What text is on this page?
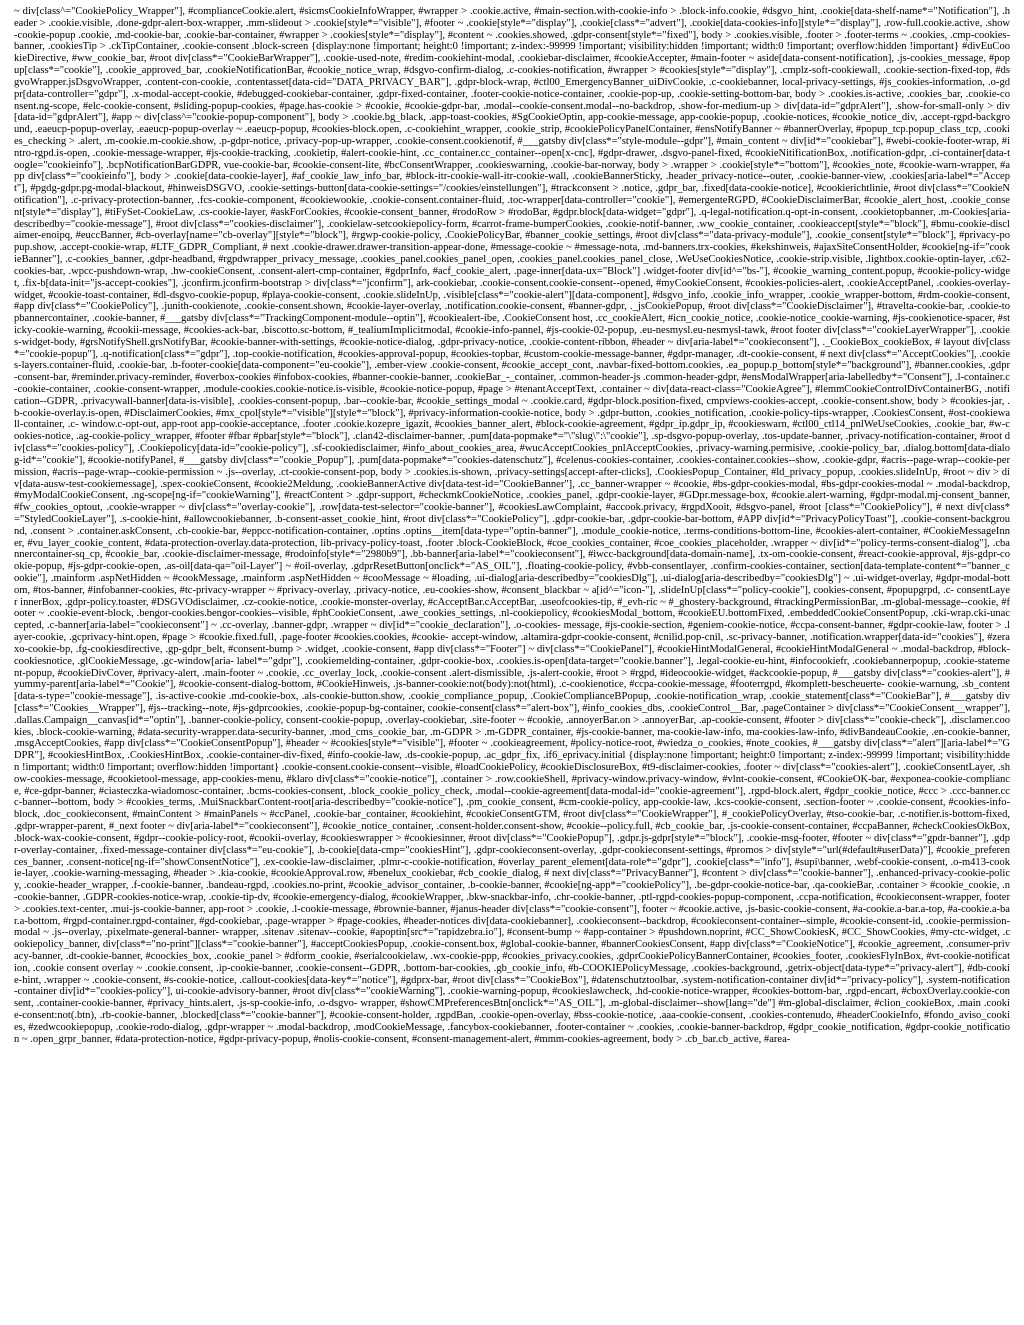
~ div[class^="CookiePolicy_Wrapper"], #complianceCookie.alert, #sicmsCookieInfoWrapper, #wrapper > .cookie.active, #main-section.with-cookie-info > .block-info.cookie, #dsgvo_hint, .cookie[data-shelf-name*="Notification"], .header > .cookie.visible, .done-gdpr-alert-box-wrapper, .mm-slideout > .cookie[style*="visible"], #footer ~ .cookie[style*="display"], .cookie[class*="advert"], .cookie[data-cookies-info][style*="display"], .row-full.cookie.active, .show-cookie-popup .cookie, .md-cookie-bar, .cookie-bar-container, #wrapper > .cookies[style*="display"], #content ~ .cookies.showed, .gdpr-consent[style*="fixed"], body > .cookies.visible, .footer > .footer-terms ~ .cookies, .cmp-cookies-banner, .cookiesTip > .ckTipContainer, .cookie-consent .block-screen {display:none !important; height:0 !important; z-index:-99999 !important; visibility:hidden !important; width:0 !important; overflow:hidden !important} #divEuCookieDirective, #ww_cookie_bar, #root div[class*="CookieBarWrapper"], .cookie-used-note, #redim-cookiehint-modal, .cookiebar-disclaimer, #cookieAccepter, #main-footer ~ aside[data-consent-notification], .js-cookies_message, #popup[class*="cookie"], .cookie_approved_bar, .cookieNotificationBar, #cookie_notice_wrap, #dsgvo-confirm-dialog, .c-cookies-notification, #wrapper > #cookies[style*="display"], .cmplz-soft-cookiewall, .cookie-section-fixed-top, #dsgvoWrapper.jsDsgvoWrapper, .content-con-cookie, .contentasset[data-cid="DATA_PRIVACY_BAR"], .gdpr-block-wrap, #ctl00_EmergencyBanner_uiDivCookie, .c-cookiebanner, local-privacy-settings, #js_cookies-information, .o-gdpr[data-controller="gdpr"], .x-modal-accept-cookie, #debugged-cookiebar-container, .gdpr-fixed-container, .footer-cookie-notice-container, .cookie-pop-up, .cookie-setting-bottom-bar, body > .cookies.is-active, .cookies_bar, .cookie-consent.ng-scope, #elc-cookie-consent, #sliding-popup-cookies, #page.has-cookie > #cookie, #cookie-gdpr-bar, .modal--cookie-consent.modal--no-backdrop, .show-for-medium-up > div[data-id="gdprAlert"], .show-for-small-only > div[data-id="gdprAlert"], #app ~ div[class^="cookie-popup-component"], body > .cookie.bg_black, .app-toast-cookies, #SgCookieOptin, app-cookie-message, app-cookie-popup, .cookie-notices, #cookie_notice_div, .accept-rgpd-background, .eaeucp-popup-overlay, .eaeucp-popup-overlay ~ .eaeucp-popup, #cookies-block.open, .c-cookiehint_wrapper, .cookie_strip, #cookiePolicyPanelContainer, #ensNotifyBanner ~ #bannerOverlay, #popup_tcp.popup_class_tcp, .cookies_checking > .alert, .m-cookie.m-cookie.show, .p-gdpr-notice, .privacy-pop-up-wrapper, .cookie-consent.cookienotif, #___gatsby div[class*="style-module--gdpr"], #main_content ~ div[id*="cookiebar"], #webi-cookie-footer-wrap, #intro-rgpd.is-open, .cookie-message-wrapper, #js-cookie-tracking, .cookietip, #alert-cookie-hint, .cc_container.cc_container--open[x-cnc], #gdpr-drawer, .dsgvo-panel-fixed, #cookieNitificationBox, .notification-gdpr, .ci-container[data-toogle="cookieinfo"], .bcpNotificationBarGDPR, vue-cookie-bar, #cookie-consent-lite, #bcConsentWrapper, .cookieswarning, .cookie-bar-norway, body > .wrapper > .cookie[style*="bottom"], #cookies_note, #cookie-warn-wrapper, #app div[class*="cookieinfo"], body > .cookie[data-cookie-layer], #af_cookie_law_info_bar, #block-itr-cookie-wall-itr-cookie-wall, .cookieBannerSticky, .header_privacy-notice--outer, .cookie-banner-view, .cookies[aria-label*="Accept"], #pgdg-gdpr.pg-modal-blackout, #hinweisDSGVO, .cookie-settings-button[data-cookie-settings="/cookies/einstellungen"], #trackconsent > .notice, .gdpr_bar, .fixed[data-cookie-notice], #cookierichtlinie, #root div[class*="CookieNotification"], .c-privacy-protection-banner, .fcs-cookie-component, #cookiewookie, .cookie-consent.container-fluid, .toc-wrapper[data-controller="cookie"], #emergenteRGPD, #CookieDisclaimerBar, #cookie_alert_host, .cookie_consent[style*="display"], #tiFySet-CookieLaw, .cs-cookie-layer, #askForCookies, #cookie-consent_banner, #rodoRow > #rodoBar, #gdpr.block[data-widget="gdpr"], .q-legal-notification.q-opt-in-consent, .cookietopbanner, .m-Cookies[aria-describedby="cookie-message"], #root div[class*="cookies-disclaimer"], .cookielaw-setcookiepolicy-form, #carrot-frame-bumperCookies, .cookie-notif-banner, .ww_cookie_container, .cookieaccept[style*="block"], #bmu-cookie-disclaimer-enoipq, #euccBanner, #cb-overlay[name="cb-overlay"][style*="block"], #rgwp-cookie-policy, .CookiePolicyBar, #banner_cookie_settings, #root div[class*="data-privacy-module"], .cookie_consent[style*="block"], #privacy-popup.show, .accept-cookie-wrap, #LTF_GDPR_Compliant, # next .cookie-drawer.drawer-transition-appear-done, #message-cookie ~ #message-nota, .md-banners.trx-cookies, #kekshinweis, #ajaxSiteConsentHolder, #cookie[ng-if="cookieBanner"], .c-cookies_banner, .gdpr-headband, #rgpdwrapper_privacy_message, .cookies_panel.cookies_panel_open, .cookies_panel.cookies_panel_close, .WeUseCookiesNotice, .cookie-strip.visible, .lightbox.cookie-optin-layer, .c62-cookies-bar, .wpcc-pushdown-wrap, .hw-cookieConsent, .consent-alert-cmp-container, #gdprInfo, #acf_cookie_alert, .page-inner[data-ux="Block"] .widget-footer div[id^="bs-"], #cookie_warning_content.popup, #cookie-policy-widget, .fix-b[data-init="js-accept-cookies"], .jconfirm.jconfirm-bootstrap > div[class*="jconfirm"], ark-cookiebar, .cookie-consent.cookie-consent--opened, #myCookieConsent, #cookies-policies-alert, .cookieAcceptPanel, .cookies-overlay-widget, #cookie-toast-container, #dl-dsgvo-cookie-popup, #playa-cookie-consent, .cookie.slideInUp, .visible[class*="cookie-alert"][data-component], #dsgvo_info, .cookie_info_wrapper, .cookie_wrapper-bottom, #rdm-cookie-consent, #app div[class*="CookiePolicy"], .junith-cookienote, .cookie-consent.shown, #cookie-layer-overlay, .notification.cookie-consent, #banner-gdpr, ._jsCookiePopup, #root div[class*="CookieDisclaimer"], #travelta-cookie-bar, .cookie-topbannercontainer, .cookie-banner, #___gatsby div[class*="TrackingComponent-module--optin"], #cookiealert-ibe, .CookieConsent host, .cc_cookieAlert, #icn_cookie_notice, .cookie-notice_cookie-warning, #js-cookienotice-spacer, #sticky-cookie-warning, #cookii-message, #cookies-ack-bar, .biscotto.sc-bottom, #_tealiumImplicitmodal, #cookie-info-pannel, #js-cookie-02-popup, .eu-nesmysl.eu-nesmysl-tawk, #root footer div[class*="cookieLayerWrapper"], .cookies-widget-body, #grsNotifyShell.grsNotifyBar, #cookie-banner-with-settings, #cookie-notice-dialog, .gdpr-privacy-notice, .cookie-content-ribbon, #header ~ div[aria-label*="cookieconsent"], ._CookieBox_cookieBox, # layout div[class*="cookie-popup"], .q-notification[class*="gdpr"], .top-cookie-notification, #cookies-approval-popup, #cookies-topbar, #custom-cookie-message-banner, #gdpr-manager, .dt-cookie-consent, # next div[class*="AcceptCookies"], .cookies-layers.container-fluid, .cookie-bar, .b-footer-cookie[data-component="eu-cookie"], .ember-view .cookie-consent, #cookie_accept_cont, .navbar-fixed-bottom.cookies, .ea_popup.p_bottom[style*="background"], #banner.cookies, .gdpr-consent-bar, #reminder.privacy-reminder, #overbox-cookies #infobox-cookies, #banner-cookie-banner, .cookieBar_-_container, .common-header-js .common-header-gdpr, #ensModalWrapper[aria-labelledby*="Consent"], .l-container.c-cookie-container, .cookie-consent-wrapper, .module-cookies.cookie-notice.is-visible, #cookie-notice-popup, #page > #tenantAcceptText, .container ~ div[data-react-class="CookieAgree"], #lemmCookieControlDivContainerBG, .notification--GDPR, .privacywall-banner[data-is-visible], .cookies-consent-popup, .bar--cookie-bar, #cookie_settings_modal ~ .cookie.card, #gdpr-block.position-fixed, cmpviews-cookies-accept, .cookie-consent.show, body > #cookies-jar, .b-cookie-overlay.is-open, #DisclaimerCookies, #mx_cpol[style*="visible"][style*="block"], #privacy-information-cookie-notice, body > .gdpr-button, .cookies_notification, .cookie-policy-tips-wrapper, .CookiesConsent, #ost-cookiewall-container, .c- window.c-opt-out, app-root app-cookie-acceptance, .footer .cookie.kozepre_igazit, #cookies_banner_alert, #block-cookie-agreement, #gdpr_ip.gdpr_ip, #cookieswarn, #ctl00_ctl14_pnlWeUseCookies, .cookie_bar, #w-cookies-notice, .ag-cookie-policy_wrapper, #footer #fbar #pbar[style*="block"], .clan42-disclaimer-banner, .pum[data-popmake*="\"slug\":\"cookie"], .sp-dsgvo-popup-overlay, .tos-update-banner, .privacy-notification-container, #root div[class*="cookies-policy"], .Cookiepolicy[data-id="cookie-policy"], .sf-cookiedisclaimer, #info_about_cookies_area, #wucAcceptCookies_pnlAcceptCookies, .privacy-warning.permisive, .cookie-policy_bar, .dialog.bottom[data-dialog-id*="cookie"], #cookie-notifyPanel, #___gatsby div[class*="cookie_Popup"], .pum[data-popmake*="cookies-datenschutz"], #celenus-cookies-container, .cookies-container.cookies--show, .cookie-gdpr, #acris--page-wrap--cookie-permission, #acris--page-wrap--cookie-permission ~ .js--overlay, .ct-cookie-consent-pop, body > .cookies.is-shown, .privacy-settings[accept-after-clicks], .CookiesPopup_Container, #ld_privacy_popup, .cookies.slideInUp, #root ~ div > div[data-ausw-test-cookiemessage], .spex-cookieConsent, #cookie2Meldung, .cookieBannerActive div[data-test-id="CookieBanner"], .cc_banner-wrapper ~ #cookie, #bs-gdpr-cookies-modal, #bs-gdpr-cookies-modal ~ .modal-backdrop, #myModalCookieConsent, .ng-scope[ng-if="cookieWarning"], #reactContent > .gdpr-support, #checkmkCookieNotice, .cookies_panel, .gdpr-cookie-layer, #GDpr.message-box, #cookie.alert-warning, #gdpr-modal.mj-consent_banner, #fw_cookies_optout, .cookie-wrapper ~ div[class*="overlay-cookie"], .row[data-test-selector="cookie-banner"], #cookiesLawComplaint, #accook.privacy, #rgpdXooit, #dsgvo-panel, #root [class*="CookiePolicy"], # next div[class*="StyledCookieLayer"], .s-cookie-hint, #allowcookiebanner, .b-consent-asset_cookie_hint, #root div[class*="CookiePolicy"], .gdpr-cookie-bar, .gdpr-cookie-bar-bottom, #APP div[id*="PrivacyPolicyToast"], .cookie-consent-background, .consent > .container.askConsent, .cb-cookie-bar, #eppcc-notification-container, .optins .optins__item[data-type="optin-banner"], .module_cookie-notice, .terms-conditions-bottom-line, #cookies-alert-container, #CookieMessageInner, #vu_layer_cookie_content, #data-protection-overlay.data-protection, lib-privacy-policy-toast, .footer .block-CookieBlock, #coe_cookies_container, #coe_cookies_placeholder, .wrapper ~ div[id*="policy-terms-consent-dialog"], .cbannercontainer-sq_cp, #cookie_bar, .cookie-disclaimer-message, #rodoinfo[style*="2980b9"], .bb-banner[aria-label*="cookieconsent"], #iwcc-background[data-domain-name], .tx-om-cookie-consent, #react-cookie-approval, #js-gdpr-cookie-popup, #js-gdpr-cookie-open, .as-oil[data-qa="oil-Layer"] ~ #oil-overlay, .gdprResetButton[onclick*="AS_OIL"], .floating-cookie-policy, #vbb-consentlayer, .confirm-cookies-container, section[data-template-content*="banner_cookie"], .mainform .aspNetHidden ~ #cookMessage, .mainform .aspNetHidden ~ #cooMessage ~ #loading, .ui-dialog[aria-describedby="cookiesDlg"], .ui-dialog[aria-describedby="cookiesDlg"] ~ .ui-widget-overlay, #gdpr-modal-bottom, #tos-banner, #infobanner-cookies, #tc-privacy-wrapper ~ #privacy-overlay, .privacy-notice, .eu-cookies-show, #consent_blackbar ~ a[id^="icon-"], .slideInUp[class*="policy-cookie"], cookies-consent, #popupgrpd, .c- consentLayer innerBox, .gdpr-policy.toaster, #DSGVOdisclaimer, .cz-cookie-notice, .cookie-monster-overlay, #cAcceptBar.cAcceptBar, .useofcookies-tip, #_evh-ric ~ #_ghostery-background, #trackingPermissionBar, .m-global-message--cookie, #footer ~ .cookie-event-block, .bengor-cookies.bengor-cookies--visible, #phCookieConsent, .awe_cookies_settings, .nl-cookiepolicy, #cookiesModal_bottom, #cookieEU.bottomFixed, .embeddedCookieConsentPopup, .cki-wrap.cki-unaccepted, .c-banner[aria-label="cookieconsent"] ~ .cc-overlay, .banner-gdpr, .wrapper ~ div[id*="cookie_declaration"], .o-cookies- message, #js-cookie-section, #geniem-cookie-notice, #ccpa-consent-banner, #gdpr-cookie-law, footer > .layer-cookie, .gcprivacy-hint.open, #page > #cookie.fixed.full, .page-footer #cookies.cookies, #cookie- accept-window, .altamira-gdpr-cookie-consent, #cnilid.pop-cnil, .sc-privacy-banner, .notification.wrapper[data-id="cookies"], #zeraxo-cookie-bp, .fg-cookiesdirective, .gp-gdpr_belt, #consent-bump > .widget, .cookie-consent, #app div[class*="Footer"] ~ div[class*="CookiePanel"], #cookieHintModalGeneral, #cookieHintModalGeneral ~ .modal-backdrop, #block-cookiesnotice, .glCookieMessage, .gc-window[aria- label*="gdpr"], .cookiemelding-container, .gdpr-cookie-box, .cookies.is-open[data-target="cookie.banner"], .legal-cookie-eu-hint, #infocookiefr, .cookiebannerpopup, .cookie-statement-popup, #cookieDivCover, #privacy-alert, .main-footer ~ .cookie, .cc_overlay_lock, .cookie-consent .alert-dismissible, .js-alert-cookie, #root > #rgpd, #ideocookie-widget, #ackcookie-popup, #___gatsby div[class*="cookies-alert"], #yummy-parent[aria-label*="Cookie"], #cookie-consent-dialog-bottom, #CookieHinweis, .js-banner-cookie:not(body):not(html), .c-cookienotice, #ccpa-cookie-message, #footerrgpd, #komplett-bescheuerte- cookie-warnung, .sb_content[data-s-type="cookie-message"], .is-active-cookie .md-cookie-box, .als-cookie-button.show, .cookie_compliance_popup, .CookieComplianceBPopup, .cookie-notification_wrap, .cookie_statement[class*="CookieBar"], #___gatsby div[class*="Cookies__Wrapper"], #js--tracking--note, #js-gdprcookies, .cookie-popup-bg-container, cookie-consent[class*="alert-box"], #info_cookies_dbs, .cookieControl__Bar, .pageContainer > div[class*="CookieConsent__wrapper"], .dallas.Campaign__canvas[id*="optin"], .banner-cookie-policy, consent-cookie-popup, .overlay-cookiebar, .site-footer ~ #cookie, .annoyerBar.on > .annoyerBar, .ap-cookie-consent, #footer > div[class*="cookie-check"], .disclamer.cookies, .block-cookie-warning, #data-security-wrapper.data-security-banner, .mod_cms_cookie_bar, .m-GDPR > .m-GDPR_container, #js-cookie-banner, ma-cookie-law-info, ma-cookies-law-info, #divBandeauCookie, .en-cookie-banner, .msgAcceptCookies, #app div[class*="CookieConsentPopup"], #header ~ #cookies[style*="visible"], #footer ~ .cookieagreement, #policy-notice-root, #wiedza_o_cookies, #note_cookies, #___gatsby div[class*="alert"][aria-label*="GDPR"], #cookiesHintBox, .CookiesHintBox, .cookie-container-div-fixed, #info-cookie-law, .ds-cookie-popup, .ac_gdpr_fix, .if6_eprivacy.initial {display:none !important; height:0 !important; z-index:-99999 !important; visibility:hidden !important; width:0 !important; overflow:hidden !important} .cookie-consent.cookie-consent--visible, #loadCookiePolicy, #cookieDisclosureBox, #t9-disclaimer-cookies, .footer ~ div[class*="cookies-alert"], .cookieConsentLayer, .show-cookies-message, #cookietool-message, app-cookies-menu, #klaro div[class*="cookie-notice"], .container > .row.cookieShell, #privacy-window.privacy-window, #vlnt-cookie-consent, #CookieOK-bar, #exponea-cookie-compliance, #ce-gdpr-banner, #ciasteczka-wiadomosc-container, .bcms-cookies-consent, .block_cookie_policy_check, .modal--cookie-agreement[data-modal-id="cookie-agreement"], .rgpd-block.alert, #gdpr_cookie_notice, #ccc > .ccc-banner.ccc-banner--bottom, body > #cookies_terms, .MuiSnackbarContent-root[aria-describedby="cookie-notice"], .pm_cookie_consent, #cm-cookie-policy, app-cookie-law, .kcs-cookie-consent, .section-footer ~ .cookie-consent, #cookies-info-block, .doc_cookieconsent, #mainContent > #mainPanels ~ #ccPanel, .cookie-bar_container, #cookiehint, #cookieConsentGTM, #root div[class*="CookieWrapper"], #_cookiePolicyOverlay, #tso-cookie-bar, .c-notifier.is-bottom-fixed, .gdpr-wrapper-parent, #_next footer ~ div[aria-label*="cookieconsent"], #cookie_notice_container, .consent-holder.consent-show, #cookie--policy.full, #cb_cookie_bar, .js-cookie-consent-container, #ccpaBanner, #checkCookiesOkBox, .block-wax-cookie-consent, #gdpr--cookie-policy-root, #cookii-overlay, #cookieswrapper > #cookiesinner, #root div[class*="CookiePopup"], .gdpr.js-gdpr[style*="block"], .cookie-msg-footer, #footer ~ div[class*="gpdr-banner"], .gdpr-overlay-container, .fixed-message-container div[class*="eu-cookie"], .b-cookie[data-cmp="cookiesHint"], .gdpr-cookieconsent-overlay, .gdpr-cookieconsent-settings, #promos > div[style*="url(#default#userData)"], #cookie_preferences_banner, .consent-notice[ng-if="showConsentNotice"], .ex-cookie-law-disclaimer, .plmr-c-cookie-notification, #overlay_parent_element[data-role*="gdpr"], .cookie[class*="info"], #supi\banner, .webf-cookie-consent, .o-m413-cookie-layer, .cookie-warning-messaging, #header > .kia-cookie, #cookieApproval.row, #benelux_cookiebar, #cb_cookie_dialog, # next div[class*="PrivacyBanner"], #content > div[class*="cookie-banner"], .enhanced-privacy-cookie-policy, .cookie-header_wrapper, .f-cookie-banner, .bandeau-rgpd, .cookies.no-print, #cookie_advisor_container, .b-cookie-banner, #cookie[ng-app*="cookiePolicy"], .be-gdpr-cookie-notice-bar, .qa-cookieBar, .container > #cookie_cookie, .n-cookie-banner, .GDPR-cookies-notice-wrap, .cookie-tip-dv, #cookie-emergency-dialog, #cookieWrapper, .bkw-snackbar-info, .chr-cookie-banner, .ptl-rgpd-cookies-popup-component, .ccpa-notification, #cookieconsent-wrapper, footer > .cookies.text-center, .mui-js-cookie-banner, app-root > .cookie, .l-cookie-message, #brownie-banner, #janus-header div[class*="cookie-consent"], footer ~ #cookie.active, .js-basic-cookie-consent, #a-cookie.a-bar.a-top, #a-cookie.a-bar.a-bottom, #rgpd-container.rgpd-container, #gd-cookiebar, .page-wrapper > #page-cookies, #header-notices div[data-cookiebanner], .cookieconsent--backdrop, #cookieconsent-container--simple, #cookie-consent-id, .cookie-permission-modal ~ .js--overlay, .pixelmate-general-banner- wrapper, .sitenav .sitenav--cookie, #apoptin[src*="rapidzebra.io"], #consent-bump ~ #app-container > #pushdown.noprint, #CC_ShowCookiesK, #CC_ShowCookies, #my-ctc-widget, .cookiepolicy_banner, div[class*="no-print"][class*="cookie-banner"], #acceptCookiesPopup, .cookie-consent.box, #global-cookie-banner, #bannerCookiesConsent, #app div[class*="CookieNotice"], #cookie_agreement, .consumer-privacy-banner, .dt-cookie-banner, #coockies_box, .cookie_panel > #dform_cookie, #serialcookielaw, .wx-cookie-ppp, #cookies_privacy.cookies, .gdprCookiePolicyBannerContainer, #cookies_footer, .cookiesFlyInBox, #vt-cookie-notification, .cookie consent overlay ~ .cookie.consent, .ip-cookie-banner, .cookie-consent--GDPR, .bottom-bar-cookies, .gb_cookie_info, #b-COOKIEPolicyMessage, .cookies-background, .getrix-object[data-type*="privacy-alert"], #db-cookie-hint, .wrapper ~ .cookie-consent, #s-cookie-notice, .callout-cookies[data-key*="notice"], #gdprx-bar, #root div[class*="CookieBox"], #datenschutztoolbar, .system-notification-container div[id*="privacy-policy"], .system-notification-container div[id*="cookies-policy"], ui-cookie-advisory-banner, #root div[class*="cookieWarning"], .cookie-warning-popup, #cookieslawcheck, .hd-cookie-notice-wrapper, #cookies-bottom-bar, .rgpd-encart, #cboxOverlay.cookie-consent, .container-cookie-banner, #privacy_hints.alert, .js-sp-cookie-info, .o-dsgvo- wrapper, #showCMPreferencesBtn[onclick*="AS_OIL"], .m-global-disclaimer--show[lang="de"] #m-global-disclaimer, #clion_cookieBox, .main .cookie-consent:not(.btn), .rb-cookie-banner, .blocked[class*="cookie-banner"], #cookie-consent-holder, .rgpdBan, .cookie-open-overlay, #bss-cookie-notice, .aaa-cookie-consent, .cookies-contenudo, #headerCookieInfo, #fondo_aviso_cookies, #zedwcookiepopup, .cookie-rodo-dialog, .gdpr-wrapper ~ .modal-backdrop, .modCookieMessage, .fancybox-cookiebanner, .footer-container ~ .cookies, .cookie-banner-backdrop, #gdpr_cookie_notification, #gdpr-cookie_notification ~ .open_grpr_banner, #data-protection-notice, #gdpr-privacy-popup, #nolis-cookie-consent, #consent-management-alert, #mmm-cookies-agreement, body > .cb_bar.cb_active, #area-
